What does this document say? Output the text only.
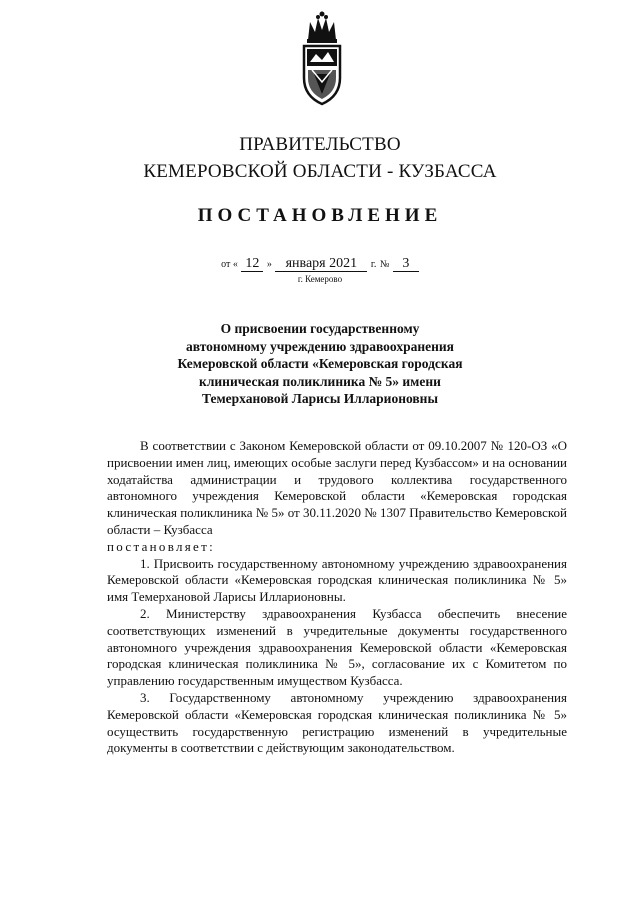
ПРАВИТЕЛЬСТВО
КЕМЕРОВСКОЙ ОБЛАСТИ - КУЗБАССА
ПОСТАНОВЛЕНИЕ
от « 12 » января 2021 г. № 3
г. Кемерово
О присвоении государственному
автономному учреждению здравоохранения
Кемеровской области «Кемеровская городская
клиническая поликлиника № 5» имени
Темерхановой Ларисы Илларионовны

В соответствии с Законом Кемеровской области от 09.10.2007 № 120-ОЗ «О присвоении имен лиц, имеющих особые заслуги перед Кузбассом» и на основании ходатайства администрации и трудового коллектива государственного автономного учреждения Кемеровской области «Кемеровская городская клиническая поликлиника № 5» от 30.11.2020 № 1307 Правительство Кемеровской области – Кузбасса

постановляет:

1. Присвоить государственному автономному учреждению здравоохранения Кемеровской области «Кемеровская городская клиническая поликлиника № 5» имя Темерхановой Ларисы Илларионовны.

2. Министерству здравоохранения Кузбасса обеспечить внесение соответствующих изменений в учредительные документы государственного автономного учреждения здравоохранения Кемеровской области «Кемеровская городская клиническая поликлиника № 5», согласование их с Комитетом по управлению государственным имуществом Кузбасса.

3. Государственному автономному учреждению здравоохранения Кемеровской области «Кемеровская городская клиническая поликлиника № 5» осуществить государственную регистрацию изменений в учредительные документы в соответствии с действующим законодательством.
